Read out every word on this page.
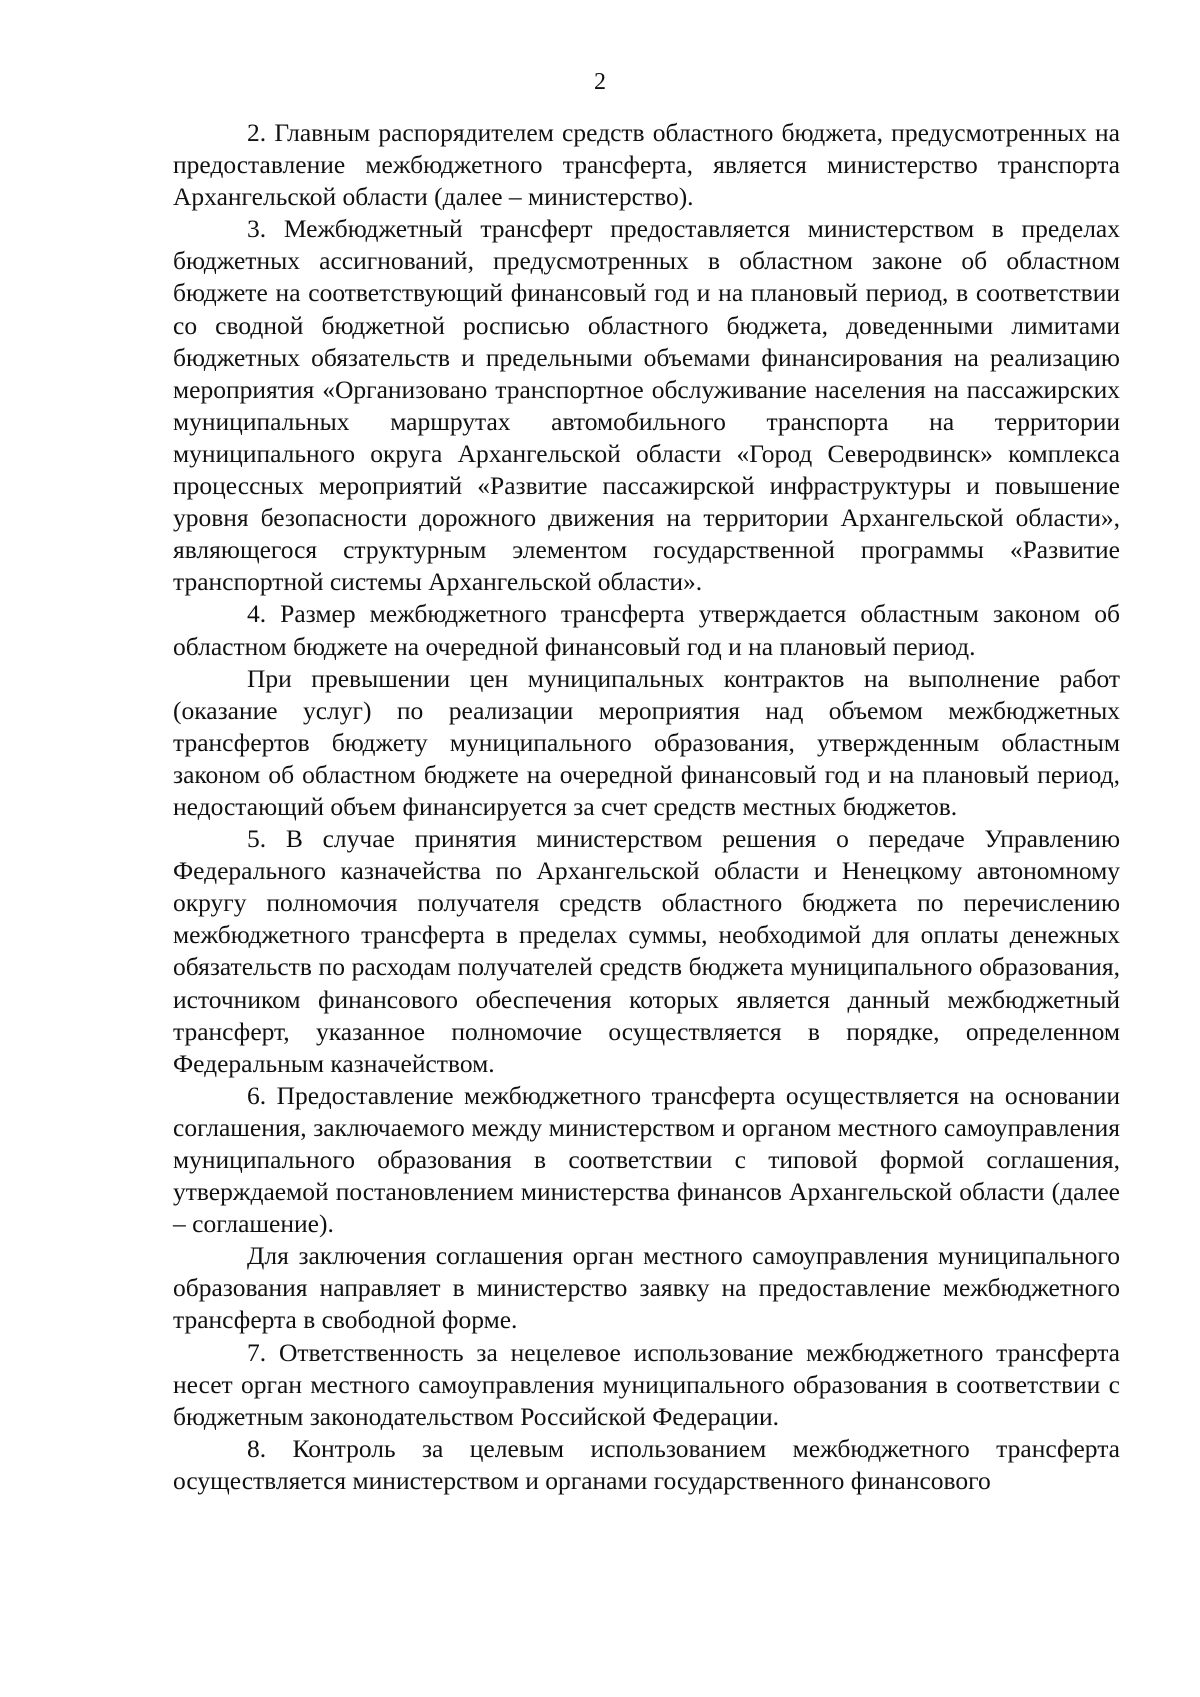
2

2. Главным распорядителем средств областного бюджета, предусмотренных на предоставление межбюджетного трансферта, является министерство транспорта Архангельской области (далее – министерство).

3. Межбюджетный трансферт предоставляется министерством в пределах бюджетных ассигнований, предусмотренных в областном законе об областном бюджете на соответствующий финансовый год и на плановый период, в соответствии со сводной бюджетной росписью областного бюджета, доведенными лимитами бюджетных обязательств и предельными объемами финансирования на реализацию мероприятия «Организовано транспортное обслуживание населения на пассажирских муниципальных маршрутах автомобильного транспорта на территории муниципального округа Архангельской области «Город Северодвинск» комплекса процессных мероприятий «Развитие пассажирской инфраструктуры и повышение уровня безопасности дорожного движения на территории Архангельской области», являющегося структурным элементом государственной программы «Развитие транспортной системы Архангельской области».

4. Размер межбюджетного трансферта утверждается областным законом об областном бюджете на очередной финансовый год и на плановый период.

При превышении цен муниципальных контрактов на выполнение работ (оказание услуг) по реализации мероприятия над объемом межбюджетных трансфертов бюджету муниципального образования, утвержденным областным законом об областном бюджете на очередной финансовый год и на плановый период, недостающий объем финансируется за счет средств местных бюджетов.

5. В случае принятия министерством решения о передаче Управлению Федерального казначейства по Архангельской области и Ненецкому автономному округу полномочия получателя средств областного бюджета по перечислению межбюджетного трансферта в пределах суммы, необходимой для оплаты денежных обязательств по расходам получателей средств бюджета муниципального образования, источником финансового обеспечения которых является данный межбюджетный трансферт, указанное полномочие осуществляется в порядке, определенном Федеральным казначейством.

6. Предоставление межбюджетного трансферта осуществляется на основании соглашения, заключаемого между министерством и органом местного самоуправления муниципального образования в соответствии с типовой формой соглашения, утверждаемой постановлением министерства финансов Архангельской области (далее – соглашение).

Для заключения соглашения орган местного самоуправления муниципального образования направляет в министерство заявку на предоставление межбюджетного трансферта в свободной форме.

7. Ответственность за нецелевое использование межбюджетного трансферта несет орган местного самоуправления муниципального образования в соответствии с бюджетным законодательством Российской Федерации.

8. Контроль за целевым использованием межбюджетного трансферта осуществляется министерством и органами государственного финансового
